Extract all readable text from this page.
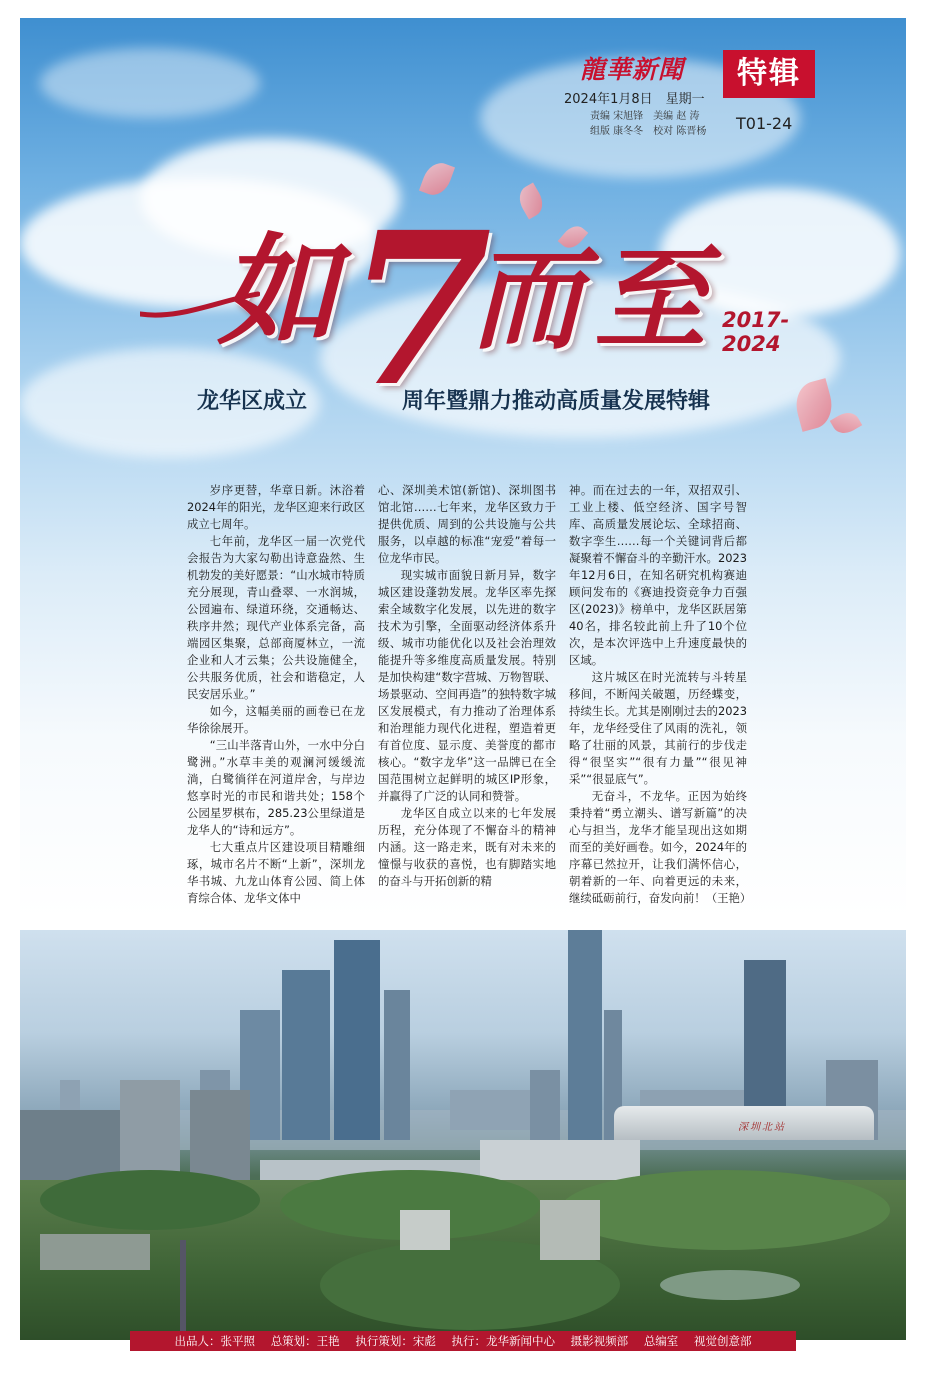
龍華新聞	特辑
2024年1月8日　星期一
责编 宋旭锋　美编 赵 涛
组版 康冬冬　校对 陈晋杨 T01-24
如 7
而 至 2017-2024
龙华区成立	周年暨鼎力推动高质量发展特辑

岁序更替，华章日新。沐浴着2024年的阳光，龙华区迎来行政区成立七周年。

七年前，龙华区一届一次党代会报告为大家勾勒出诗意盎然、生机勃发的美好愿景：“山水城市特质充分展现，青山叠翠、一水润城，公园遍布、绿道环绕，交通畅达、秩序井然；现代产业体系完备，高端园区集聚，总部商厦林立，一流企业和人才云集；公共设施健全，公共服务优质，社会和谐稳定，人民安居乐业。”

如今，这幅美丽的画卷已在龙华徐徐展开。

“三山半落青山外，一水中分白鹭洲。”水草丰美的观澜河缓缓流淌，白鹭徜徉在河道岸舍，与岸边悠享时光的市民和谐共处；158个公园星罗棋布，285.23公里绿道是龙华人的“诗和远方”。

七大重点片区建设项目精雕细琢，城市名片不断“上新”，深圳龙华书城、九龙山体育公园、简上体育综合体、龙华文体中

心、深圳美术馆(新馆)、深圳图书馆北馆……七年来，龙华区致力于提供优质、周到的公共设施与公共服务，以卓越的标准“宠爱”着每一位龙华市民。

现实城市面貌日新月异，数字城区建设蓬勃发展。龙华区率先探索全域数字化发展，以先进的数字技术为引擎，全面驱动经济体系升级、城市功能优化以及社会治理效能提升等多维度高质量发展。特别是加快构建“数字营城、万物智联、场景驱动、空间再造”的独特数字城区发展模式，有力推动了治理体系和治理能力现代化进程，塑造着更有首位度、显示度、美誉度的都市核心。“数字龙华”这一品牌已在全国范围树立起鲜明的城区IP形象，并赢得了广泛的认同和赞誉。

龙华区自成立以来的七年发展历程，充分体现了不懈奋斗的精神内涵。这一路走来，既有对未来的憧憬与收获的喜悦，也有脚踏实地的奋斗与开拓创新的精

神。而在过去的一年，双招双引、工业上楼、低空经济、国字号智库、高质量发展论坛、全球招商、数字孪生……每一个关键词背后都凝聚着不懈奋斗的辛勤汗水。2023年12月6日，在知名研究机构赛迪顾问发布的《赛迪投资竞争力百强区(2023)》榜单中，龙华区跃居第40名，排名较此前上升了10个位次，是本次评选中上升速度最快的区域。

这片城区在时光流转与斗转星移间，不断闯关破題，历经蝶变，持续生长。尤其是刚刚过去的2023年，龙华经受住了风雨的洗礼，领略了壮丽的风景，其前行的步伐走得“很坚实”“很有力量”“很见神采”“很显底气”。

无奋斗，不龙华。正因为始终秉持着“勇立潮头、谱写新篇”的决心与担当，龙华才能呈现出这如期而至的美好画卷。如今，2024年的序幕已然拉开，让我们满怀信心，朝着新的一年、向着更远的未来，继续砥砺前行，奋发向前！（王艳）

深圳北站
出品人：张平照 总策划：王艳 执行策划：宋彪 执行：龙华新闻中心 摄影视频部 总编室 视觉创意部
